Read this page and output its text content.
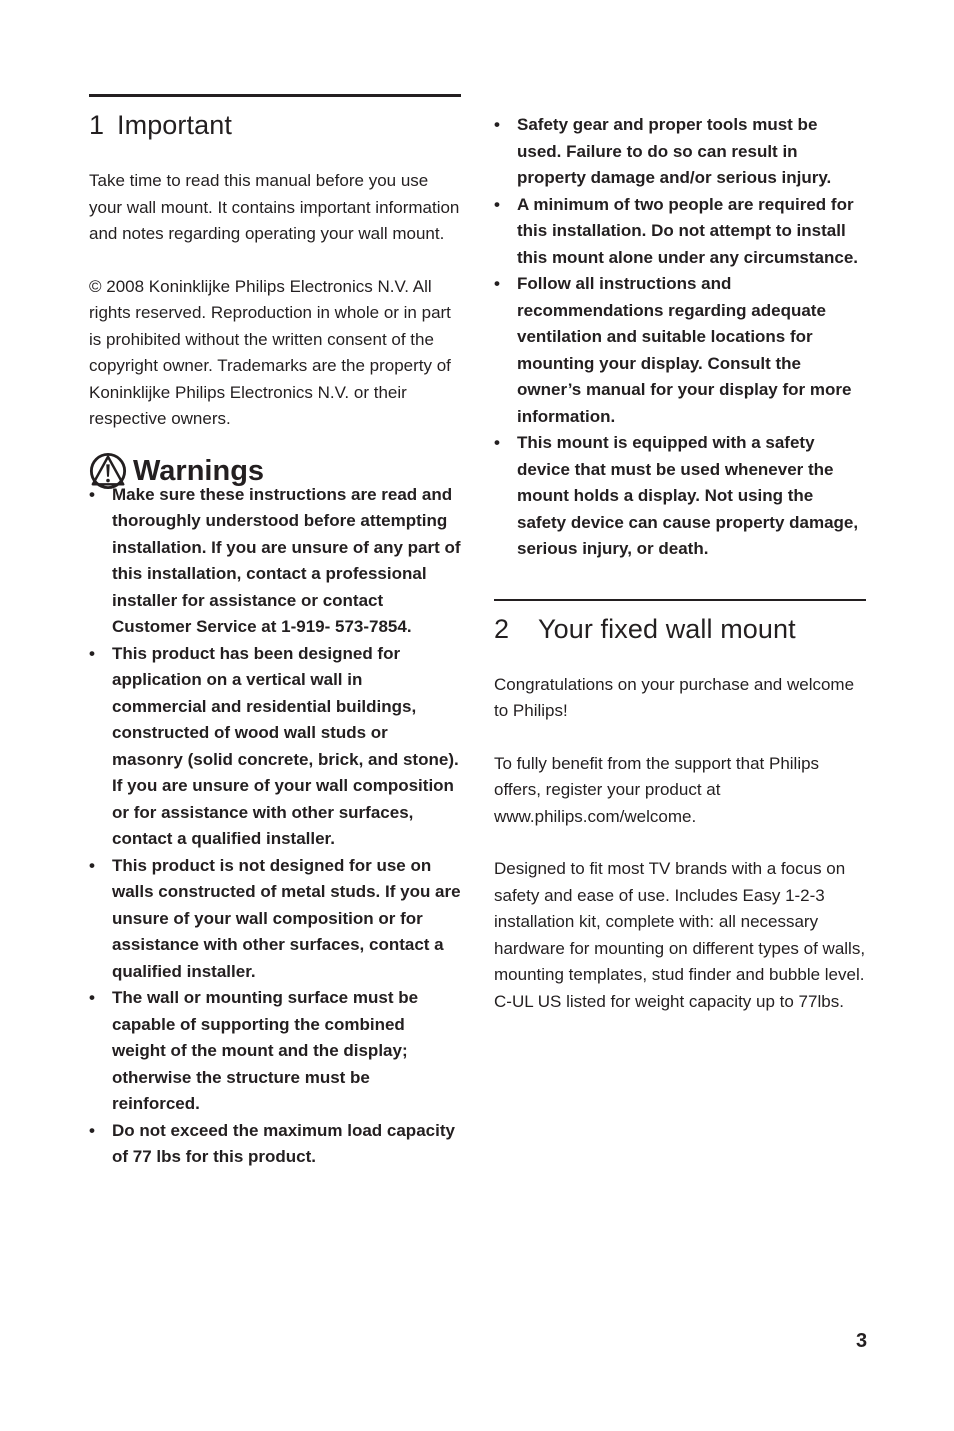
1 Important

Take time to read this manual before you use your wall mount. It contains important information and notes regarding operating your wall mount.

© 2008 Koninklijke Philips Electronics N.V. All rights reserved. Reproduction in whole or in part is prohibited without the written consent of the copyright owner. Trademarks are the property of Koninklijke Philips Electronics N.V. or their respective owners.

Warnings
• Make sure these instructions are read and thoroughly understood before attempting installation. If you are unsure of any part of this installation, contact a professional installer for assistance or contact Customer Service at 1-919- 573-7854.
• This product has been designed for application on a vertical wall in commercial and residential buildings, constructed of wood wall studs or masonry (solid concrete, brick, and stone). If you are unsure of your wall composition or for assistance with other surfaces, contact a qualified installer.
• This product is not designed for use on walls constructed of metal studs. If you are unsure of your wall composition or for assistance with other surfaces, contact a qualified installer.
• The wall or mounting surface must be capable of supporting the combined weight of the mount and the display; otherwise the structure must be reinforced.
• Do not exceed the maximum load capacity of 77 lbs for this product.
• Safety gear and proper tools must be used. Failure to do so can result in property damage and/or serious injury.
• A minimum of two people are required for this installation. Do not attempt to install this mount alone under any circumstance.
• Follow all instructions and recommendations regarding adequate ventilation and suitable locations for mounting your display. Consult the owner’s manual for your display for more information.
• This mount is equipped with a safety device that must be used whenever the mount holds a display. Not using the safety device can cause property damage, serious injury, or death.
2 Your fixed wall mount

Congratulations on your purchase and welcome to Philips!

To fully benefit from the support that Philips offers, register your product at www.philips.com/welcome.

Designed to fit most TV brands with a focus on safety and ease of use. Includes Easy 1-2-3 installation kit, complete with: all necessary hardware for mounting on different types of walls, mounting templates, stud finder and bubble level. C-UL US listed for weight capacity up to 77lbs.

3
